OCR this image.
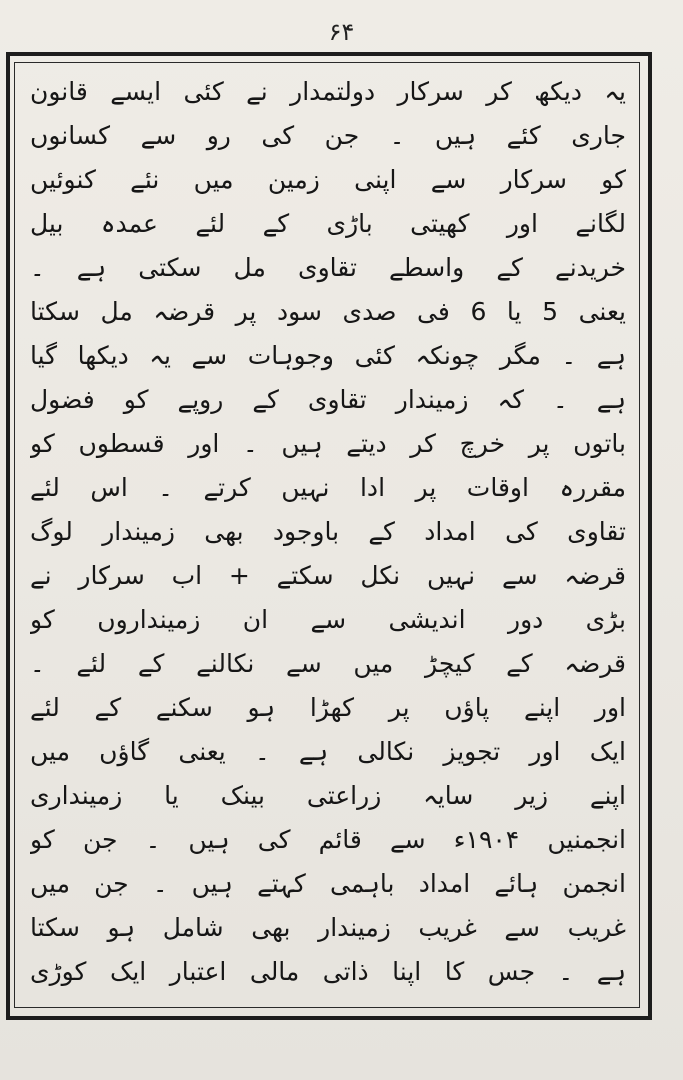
۶۴
یہ دیکھ کر سرکار دولتمدار نے کئی ایسے قانون
جاری کئے ہیں ۔ جن کی رو سے کسانوں
کو سرکار سے اپنی زمین میں نئے کنوئیں
لگانے اور کھیتی باڑی کے لئے عمدہ بیل
خریدنے کے واسطے تقاوی مل سکتی ہے ۔
یعنی 5 یا 6 فی صدی سود پر قرضہ مل سکتا
ہے ۔ مگر چونکہ کئی وجوہات سے یہ دیکھا گیا
ہے ۔ کہ زمیندار تقاوی کے روپے کو فضول
باتوں پر خرچ کر دیتے ہیں ۔ اور قسطوں کو
مقررہ اوقات پر ادا نہیں کرتے ۔ اس لئے
تقاوی کی امداد کے باوجود بھی زمیندار لوگ
قرضہ سے نہیں نکل سکتے + اب سرکار نے
بڑی دور اندیشی سے ان زمینداروں کو
قرضہ کے کیچڑ میں سے نکالنے کے لئے ۔
اور اپنے پاؤں پر کھڑا ہو سکنے کے لئے
ایک اور تجویز نکالی ہے ۔ یعنی گاؤں میں
اپنے زیر سایہ زراعتی بینک یا زمینداری
انجمنیں ۱۹۰۴ء سے قائم کی ہیں ۔ جن کو
انجمن ہائے امداد باہمی کہتے ہیں ۔ جن میں
غریب سے غریب زمیندار بھی شامل ہو سکتا
ہے ۔ جس کا اپنا ذاتی مالی اعتبار ایک کوڑی
